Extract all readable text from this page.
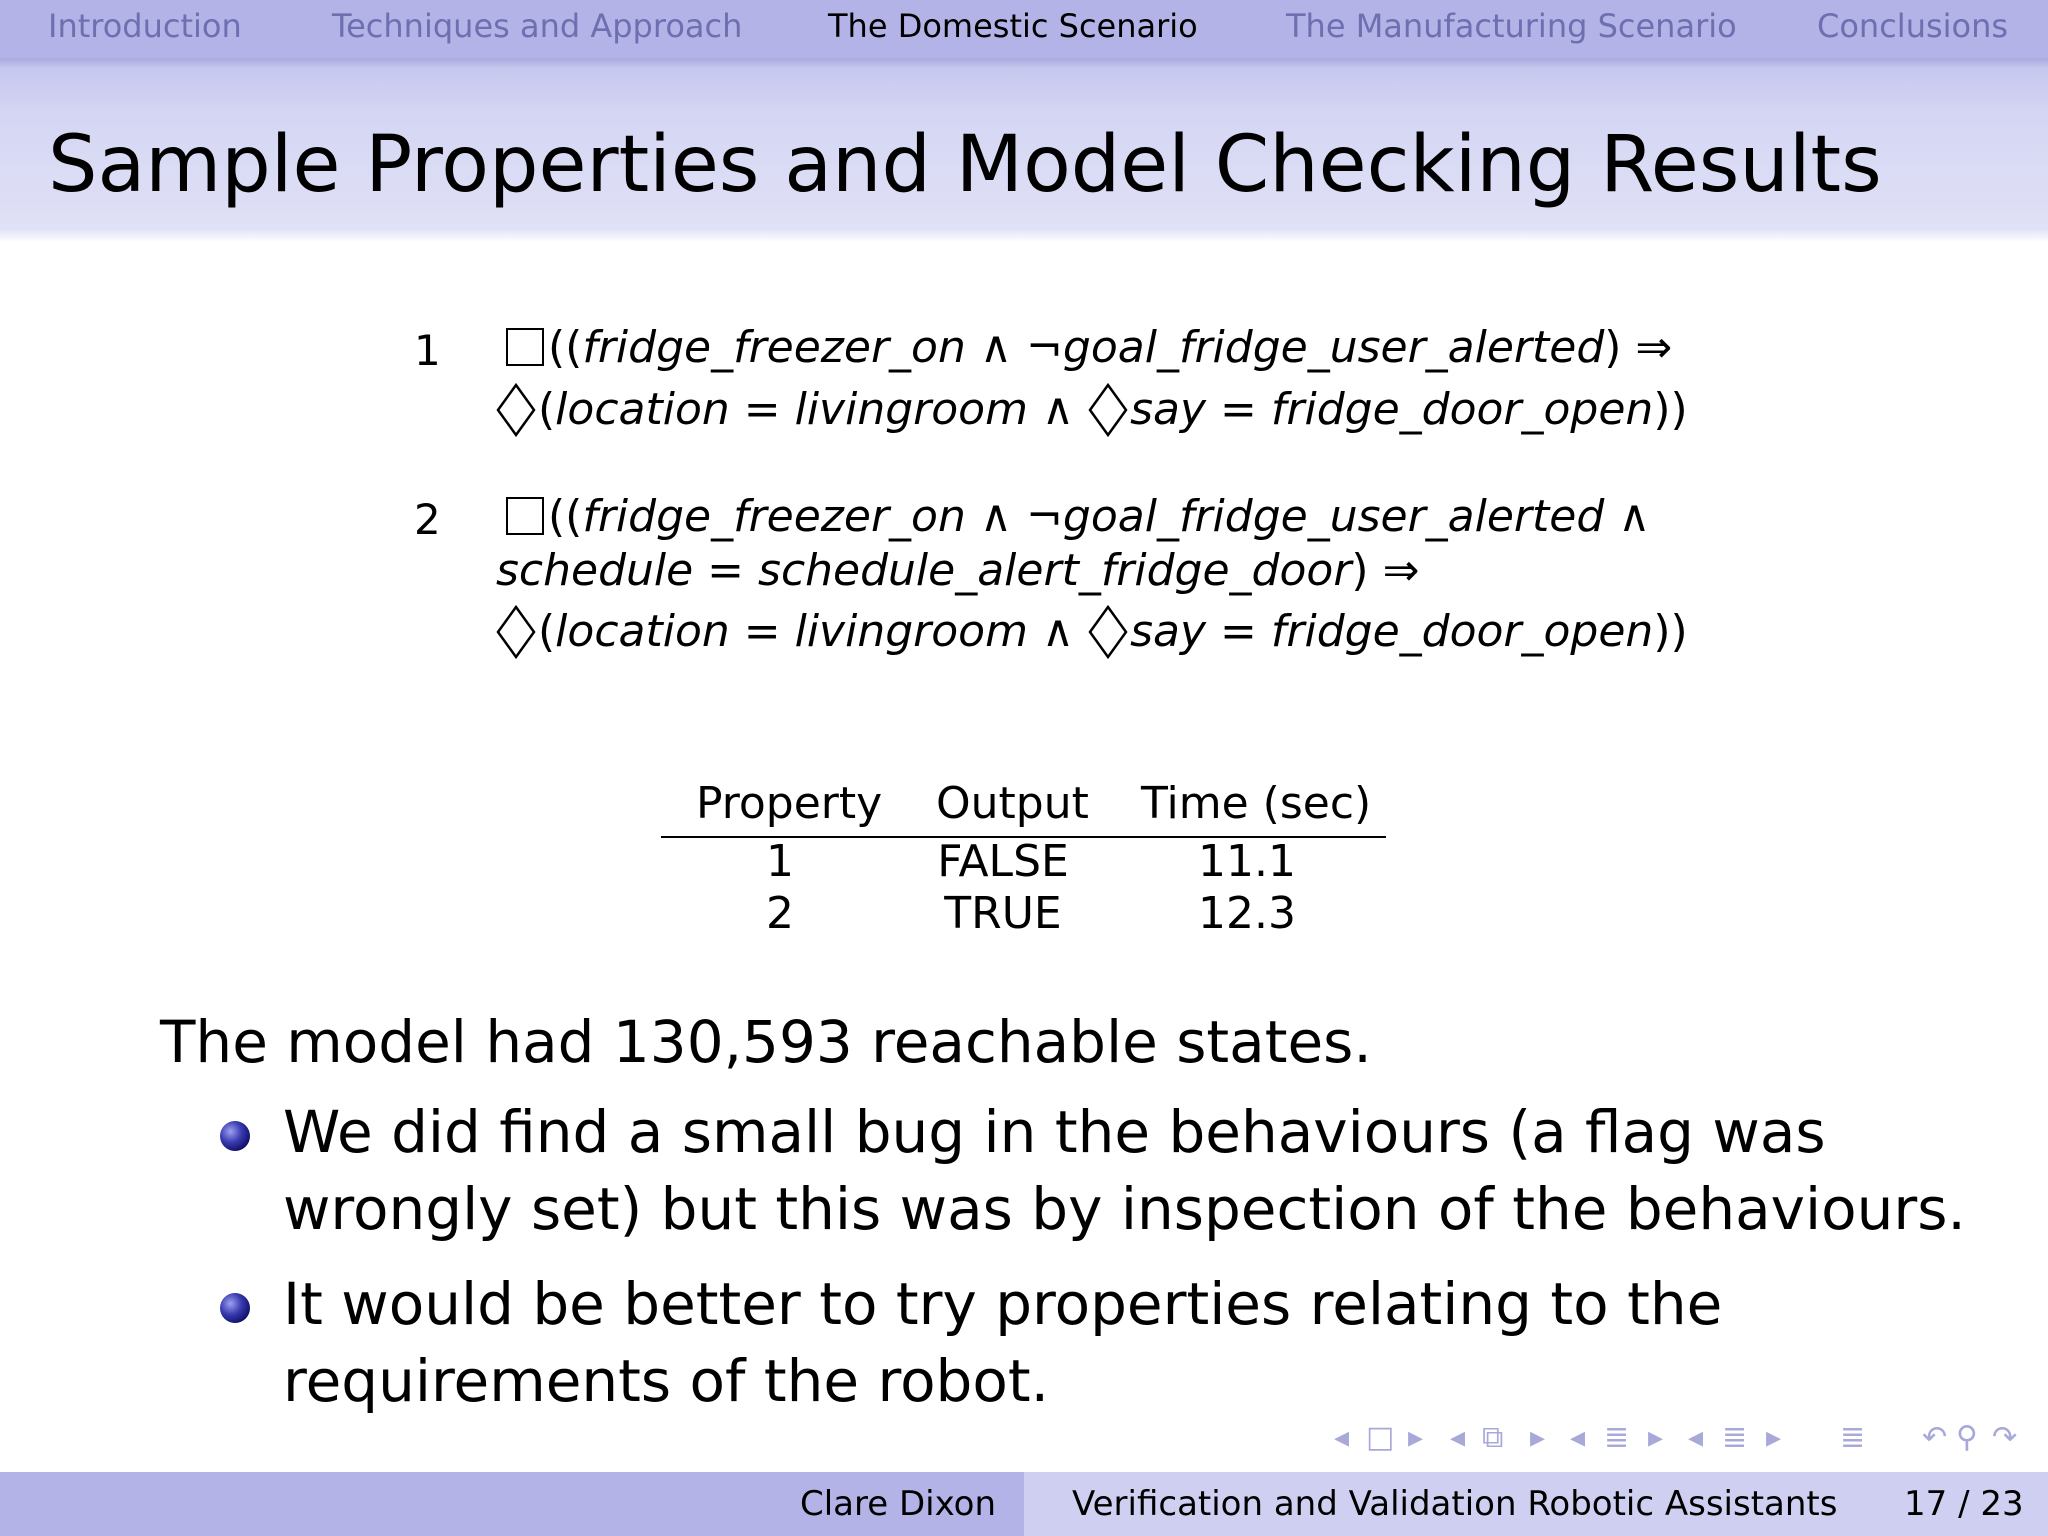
Introduction	Techniques and Approach	The Domestic Scenario	The Manufacturing Scenario	Conclusions
Sample Properties and Model Checking Results
1	((fridge_freezer_on ∧ ¬goal_fridge_user_alerted) ⇒
(location = livingroom ∧ say = fridge_door_open))
2	((fridge_freezer_on ∧ ¬goal_fridge_user_alerted ∧
schedule = schedule_alert_fridge_door) ⇒
(location = livingroom ∧ say = fridge_door_open))
Property Output Time (sec)
1	FALSE	11.1
2	TRUE	12.3
The model had 130,593 reachable states.
We did find a small bug in the behaviours (a flag was
wrongly set) but this was by inspection of the behaviours.
It would be better to try properties relating to the
requirements of the robot.
◂ □ ▸ ◂ ⧉ ▸ ◂ ≣ ▸ ◂ ≣ ▸ ≣ ↶ ⚲ ↷
Clare Dixon Verification and Validation Robotic Assistants 17 / 23
